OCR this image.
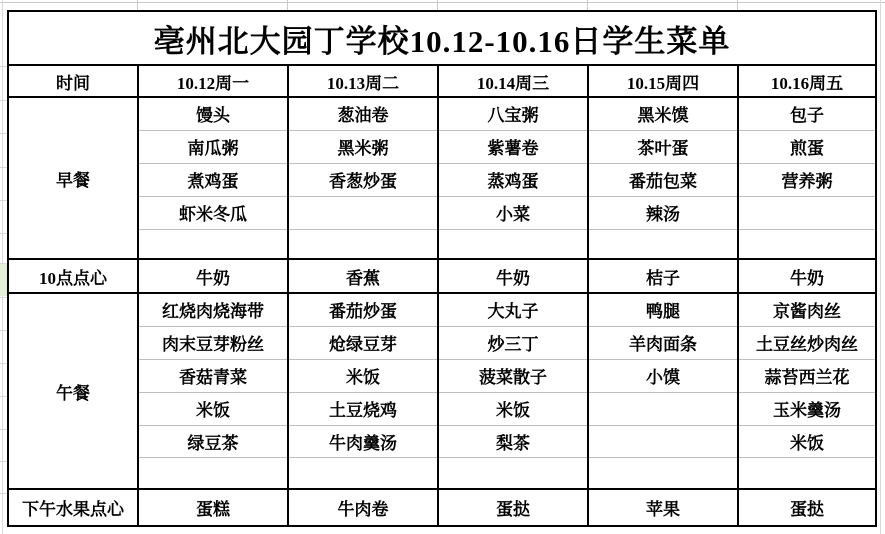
亳州北大园丁学校10.12-10.16日学生菜单					
时间	10.12周一	10.13周二	10.14周三	10.15周四	10.16周五
早餐	馒头	葱油卷	八宝粥	黑米馍	包子
	南瓜粥	黑米粥	紫薯卷	茶叶蛋	煎蛋
	煮鸡蛋	香葱炒蛋	蒸鸡蛋	番茄包菜	营养粥
	虾米冬瓜		小菜	辣汤	

10点点心	牛奶	香蕉	牛奶	桔子	牛奶
午餐	红烧肉烧海带	番茄炒蛋	大丸子	鸭腿	京酱肉丝
	肉末豆芽粉丝	炝绿豆芽	炒三丁	羊肉面条	土豆丝炒肉丝
	香菇青菜	米饭	菠菜散子	小馍	蒜苔西兰花
	米饭	土豆烧鸡	米饭		玉米羹汤
	绿豆茶	牛肉羹汤	梨茶		米饭

下午水果点心	蛋糕	牛肉卷	蛋挞	苹果	蛋挞
